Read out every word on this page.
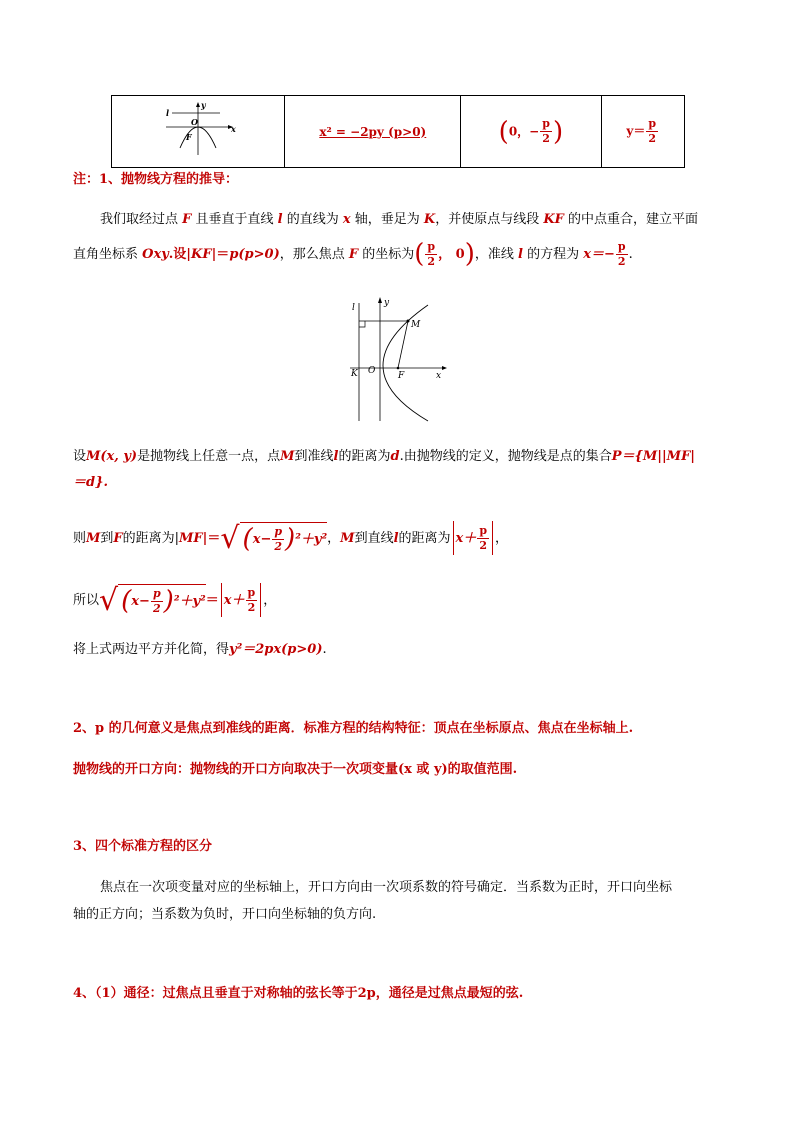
l
y
O
x
F	x² = −2py (p>0)	(0，− $\frac{p}{2}$ )	$y= \frac{p}{2}$
注：1、抛物线方程的推导：
我们取经过点 F 且垂直于直线 l 的直线为 x 轴，垂足为 K，并使原点与线段 KF 的中点重合，建立平面
直角坐标系 Oxy.设|KF|＝p(p>0)，那么焦点 F 的坐标为( $\frac{p}{2}$ ， 0)，准线 l 的方程为 $x=- \frac{p}{2}$ .
l	y
M
K O	F	x
设M(x, y)是抛物线上任意一点，点M到准线l的距离为d.由抛物线的定义，抛物线是点的集合P＝{M||MF|
＝d}.
则 M 到 F 的距离为| MF |＝ √ ( $x- \frac{p}{2}$ ) ²＋y² ， M 到直线 l 的距离为 $x+ \frac{p}{2}$ ，
所以 √ ( $x- \frac{p}{2}$ ) $^2+y^2 = x+ \frac{p}{2}$ ，
将上式两边平方并化简，得y²＝2px(p>0).
2、p 的几何意义是焦点到准线的距离．标准方程的结构特征：顶点在坐标原点、焦点在坐标轴上.
抛物线的开口方向：抛物线的开口方向取决于一次项变量(x 或 y)的取值范围.
3、四个标准方程的区分
焦点在一次项变量对应的坐标轴上，开口方向由一次项系数的符号确定．当系数为正时，开口向坐标
轴的正方向；当系数为负时，开口向坐标轴的负方向.
4、（1）通径：过焦点且垂直于对称轴的弦长等于2p，通径是过焦点最短的弦.
